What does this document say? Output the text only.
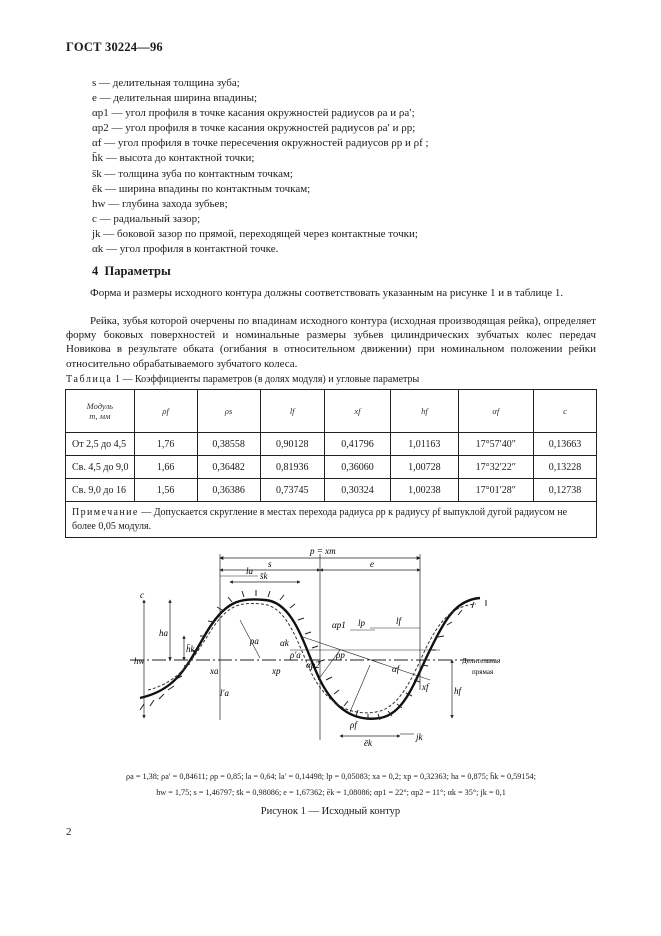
ГОСТ 30224—96
s — делительная толщина зуба;
e — делительная ширина впадины;
αp1 — угол профиля в точке касания окружностей радиусов ρa и ρa′;
αp2 — угол профиля в точке касания окружностей радиусов ρa′ и ρp;
αf — угол профиля в точке пересечения окружностей радиусов ρp и ρf ;
h̄k — высота до контактной точки;
s̄k — толщина зуба по контактным точкам;
ēk — ширина впадины по контактным точкам;
hw — глубина захода зубьев;
c — радиальный зазор;
jk — боковой зазор по прямой, переходящей через контактные точки;
αk — угол профиля в контактной точке.
4 Параметры
Форма и размеры исходного контура должны соответствовать указанным на рисунке 1 и в таблице 1.
Рейка, зубья которой очерчены по впадинам исходного контура (исходная производящая рейка), определяет форму боковых поверхностей и номинальные размеры зубьев цилиндрических зубчатых колес передач Новикова в результате обката (огибания в относительном движении) при номинальном положении рейки относительно обрабатываемого зубчатого колеса.
Таблица 1 — Коэффициенты параметров (в долях модуля) и угловые параметры
Модуль
m, мм	ρf	ρs	lf	xf	hf	αf	c
От 2,5 до 4,5	1,76	0,38558	0,90128	0,41796	1,01163	17°57′40″	0,13663
Св. 4,5 до 9,0	1,66	0,36482	0,81936	0,36060	1,00728	17°32′22″	0,13228
Св. 9,0 до 16	1,56	0,36386	0,73745	0,30324	1,00238	17°01′28″	0,12738
Примечание — Допускается скругление в местах перехода радиуса ρp к радиусу ρf выпуклой дугой радиусом не более 0,05 модуля.							
p = xm
s	e
s̄k
ēk
la
lp	lf
l′a
hw
ha
h̄k
c
hf
xf
xa	xp
ρa
ρ′a	ρp
ρf
αk
αp1
αp2	αf
jk
Делительная
прямая
ρa = 1,38; ρa′ = 0,84611; ρp = 0,85; la = 0,64; la′ = 0,14498; lp = 0,05083; xa = 0,2; xp = 0,32363; ha = 0,875; h̄k = 0,59154;
hw = 1,75; s = 1,46797; s̄k = 0,98086; e = 1,67362; ēk = 1,08086; αp1 = 22°; αp2 = 11°; αk = 35°; jk = 0,1
Рисунок 1 — Исходный контур
2
